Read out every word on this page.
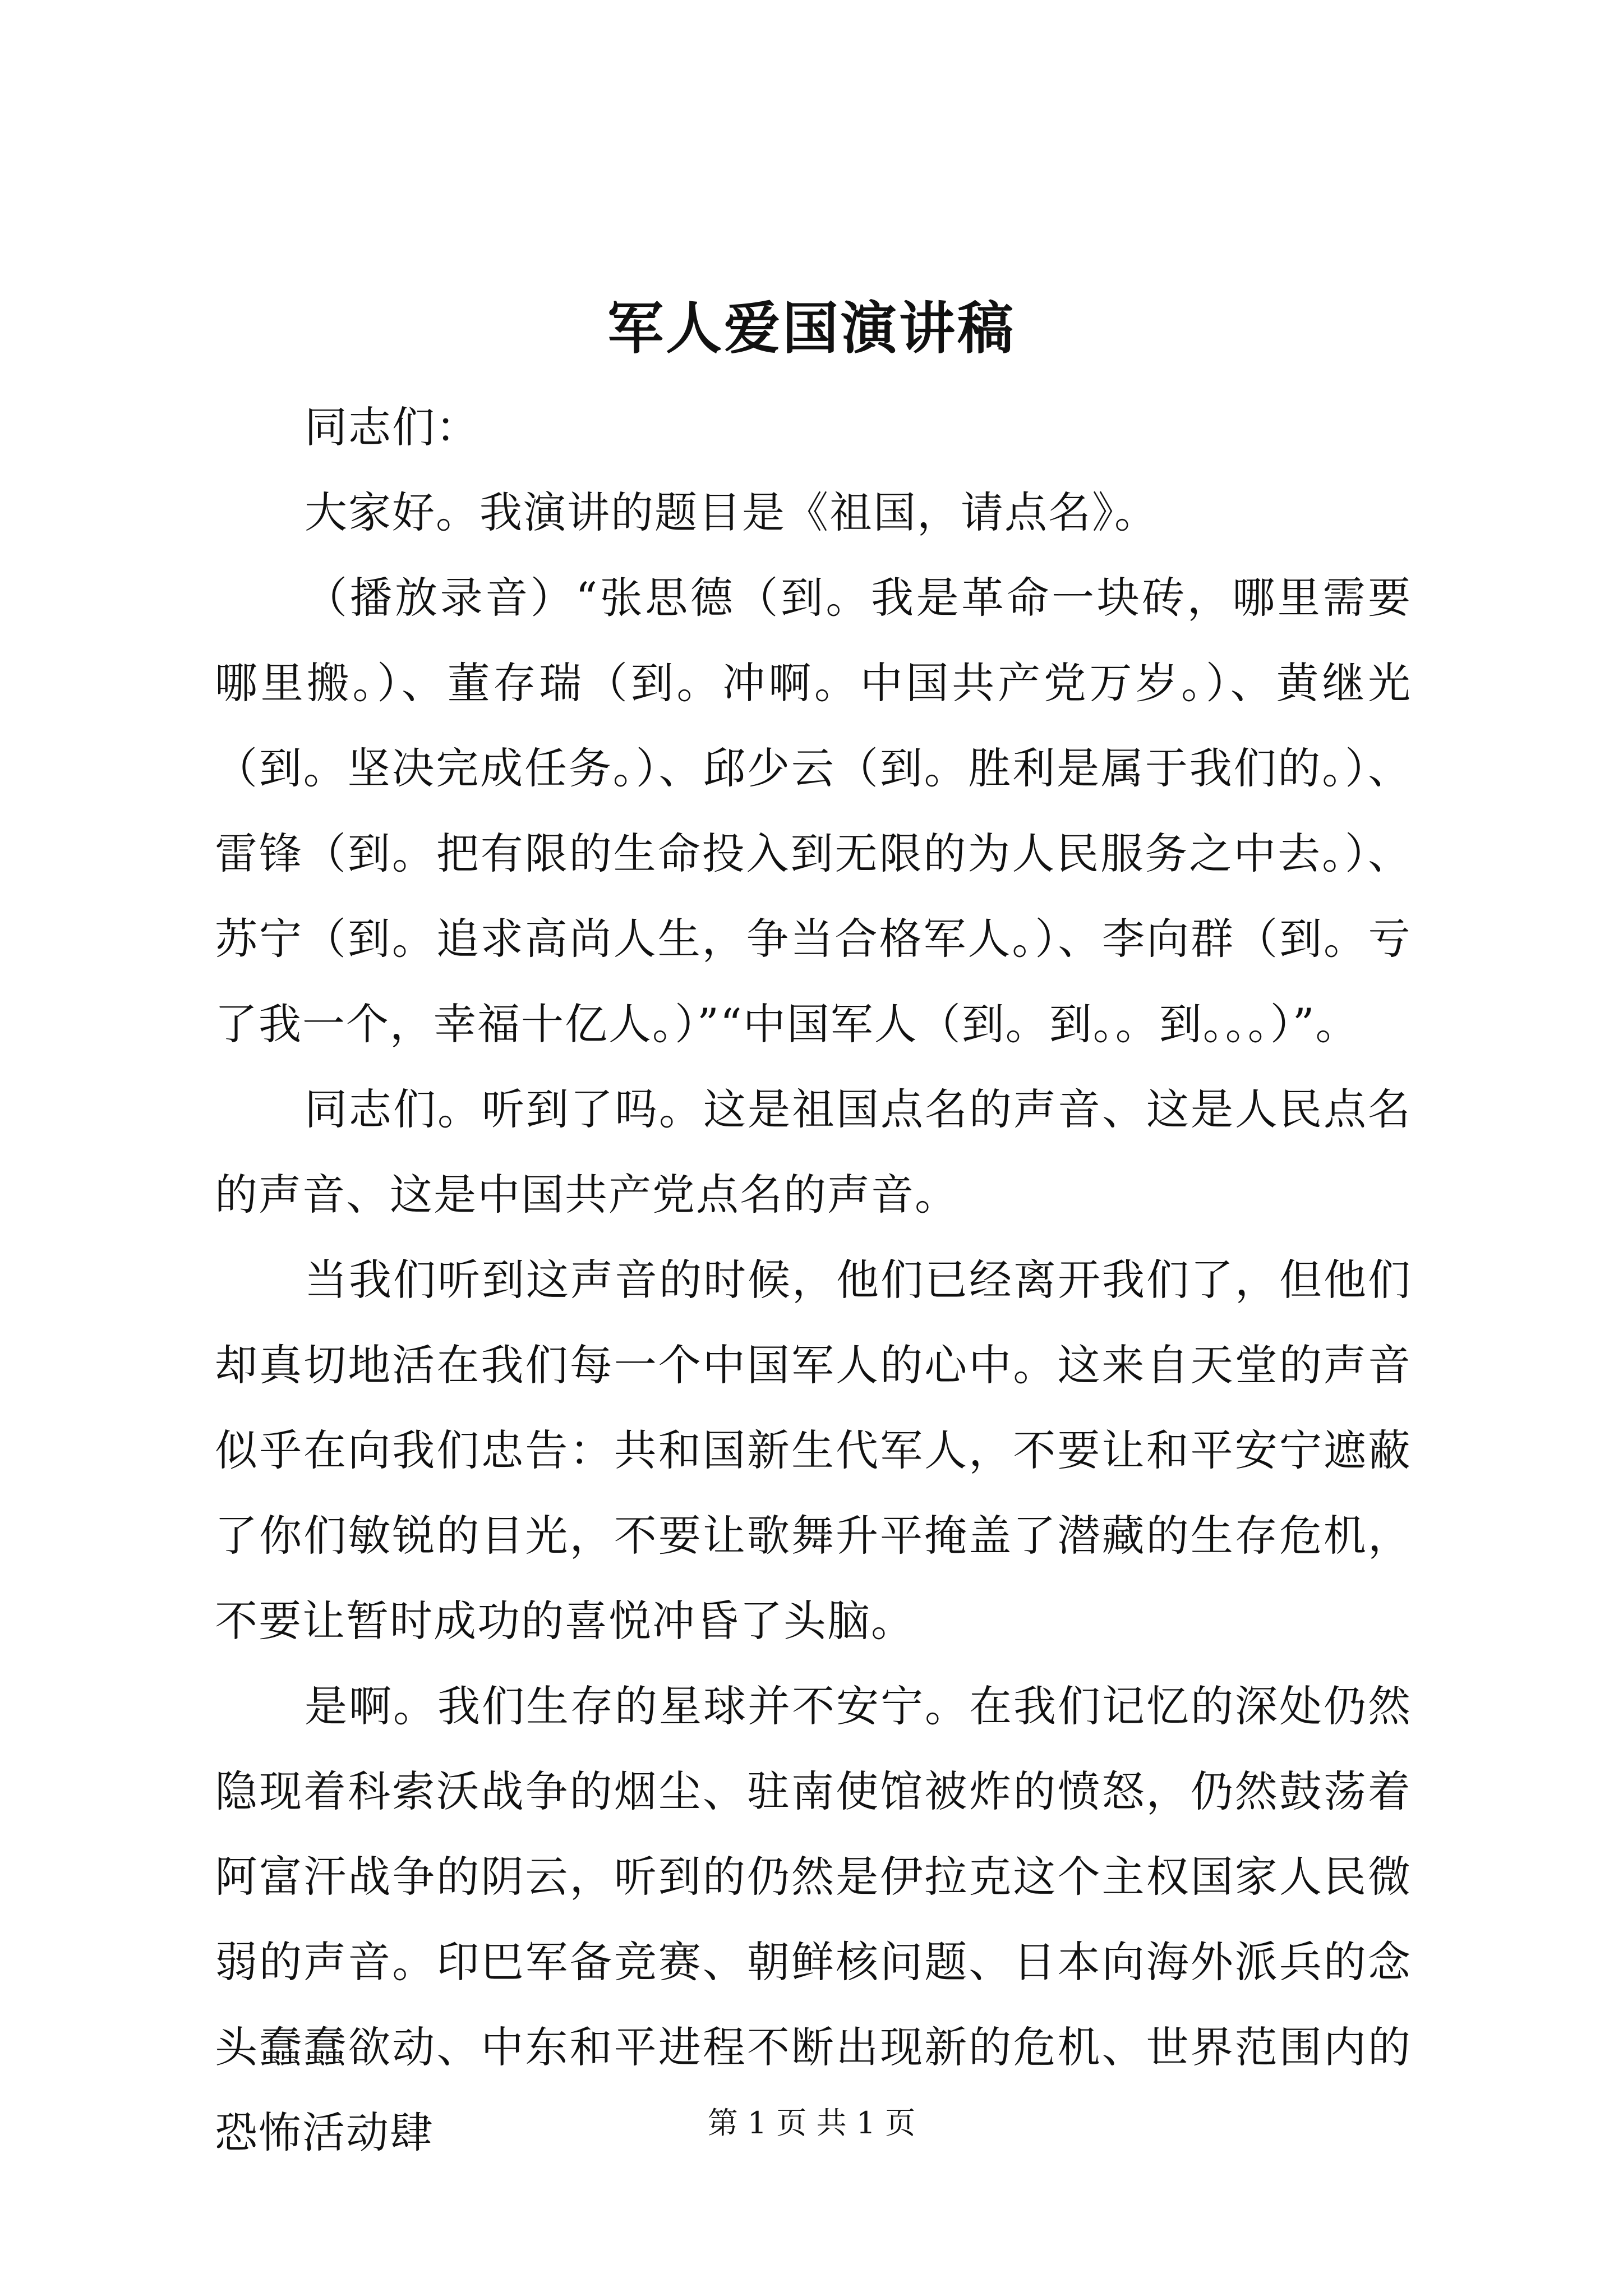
军人爱国演讲稿

同志们：

大家好。我演讲的题目是《祖国，请点名》。

（播放录音）“张思德（到。我是革命一块砖，哪里需要哪里搬。）、董存瑞（到。冲啊。中国共产党万岁。）、黄继光（到。坚决完成任务。）、邱少云（到。胜利是属于我们的。）、雷锋（到。把有限的生命投入到无限的为人民服务之中去。）、苏宁（到。追求高尚人生，争当合格军人。）、李向群（到。亏了我一个，幸福十亿人。）”“中国军人（到。到。。到。。。）”。

同志们。听到了吗。这是祖国点名的声音、这是人民点名的声音、这是中国共产党点名的声音。

当我们听到这声音的时候，他们已经离开我们了，但他们却真切地活在我们每一个中国军人的心中。这来自天堂的声音似乎在向我们忠告：共和国新生代军人，不要让和平安宁遮蔽了你们敏锐的目光，不要让歌舞升平掩盖了潜藏的生存危机，不要让暂时成功的喜悦冲昏了头脑。

是啊。我们生存的星球并不安宁。在我们记忆的深处仍然隐现着科索沃战争的烟尘、驻南使馆被炸的愤怒，仍然鼓荡着阿富汗战争的阴云，听到的仍然是伊拉克这个主权国家人民微弱的声音。印巴军备竞赛、朝鲜核问题、日本向海外派兵的念头蠢蠢欲动、中东和平进程不断出现新的危机、世界范围内的恐怖活动肆	第 1 页 共 1 页
